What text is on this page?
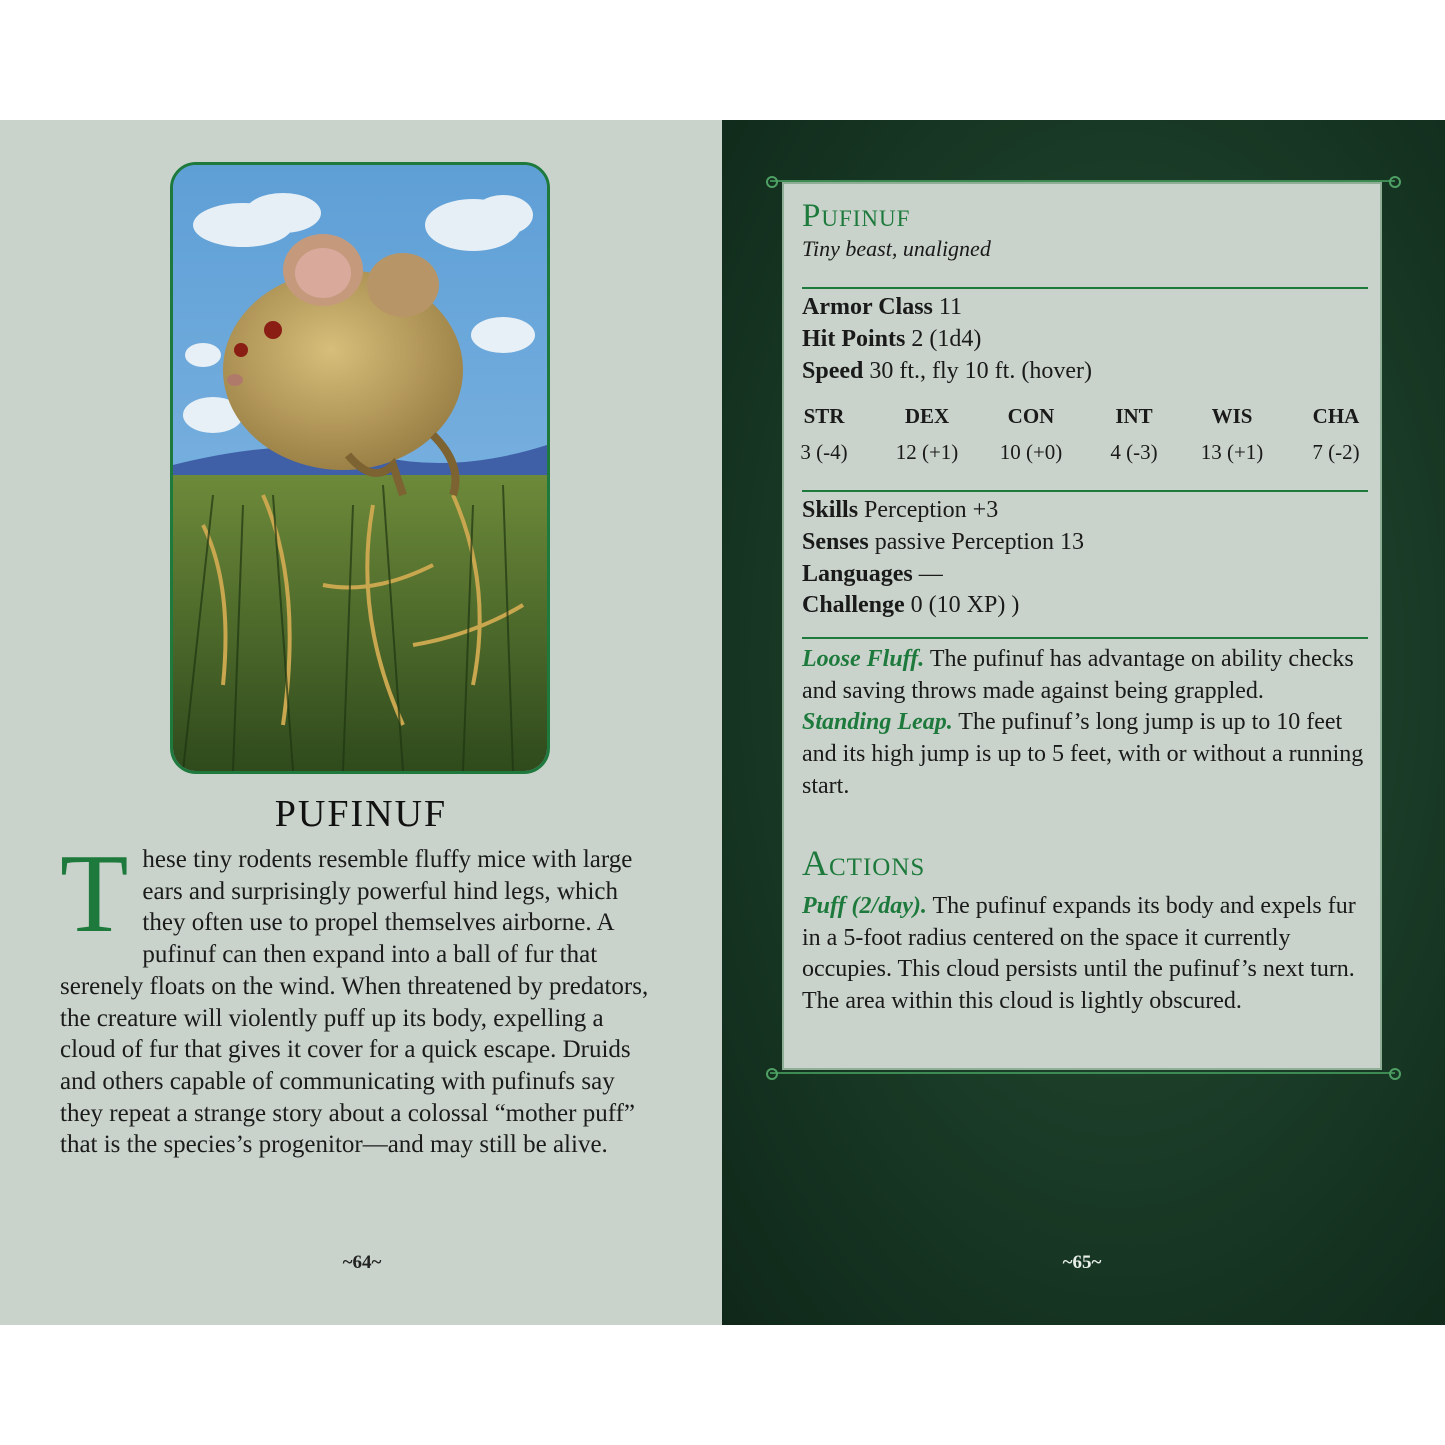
PUFINUF
These tiny rodents resemble fluffy mice with large ears and surprisingly powerful hind legs, which they often use to propel themselves airborne. A pufinuf can then expand into a ball of fur that serenely floats on the wind. When threatened by predators, the creature will violently puff up its body, expelling a cloud of fur that gives it cover for a quick escape. Druids and others capable of communicating with pufinufs say they repeat a strange story about a colossal “mother puff” that is the species’s progenitor—and may still be alive.
~64~
Pufinuf
Tiny beast, unaligned
Armor Class 11
Hit Points 2 (1d4)
Speed 30 ft., fly 10 ft. (hover)
STR	DEX	CON	INT	WIS	CHA
3 (-4)	12 (+1)	10 (+0)	4 (-3)	13 (+1)	7 (-2)
Skills Perception +3
Senses passive Perception 13
Languages —
Challenge 0 (10 XP) )
Loose Fluff. The pufinuf has advantage on ability checks and saving throws made against being grappled.
Standing Leap. The pufinuf’s long jump is up to 10 feet and its high jump is up to 5 feet, with or without a running start.
Actions
Puff (2/day). The pufinuf expands its body and expels fur in a 5-foot radius centered on the space it currently occupies. This cloud persists until the pufinuf’s next turn. The area within this cloud is lightly obscured.
~65~
